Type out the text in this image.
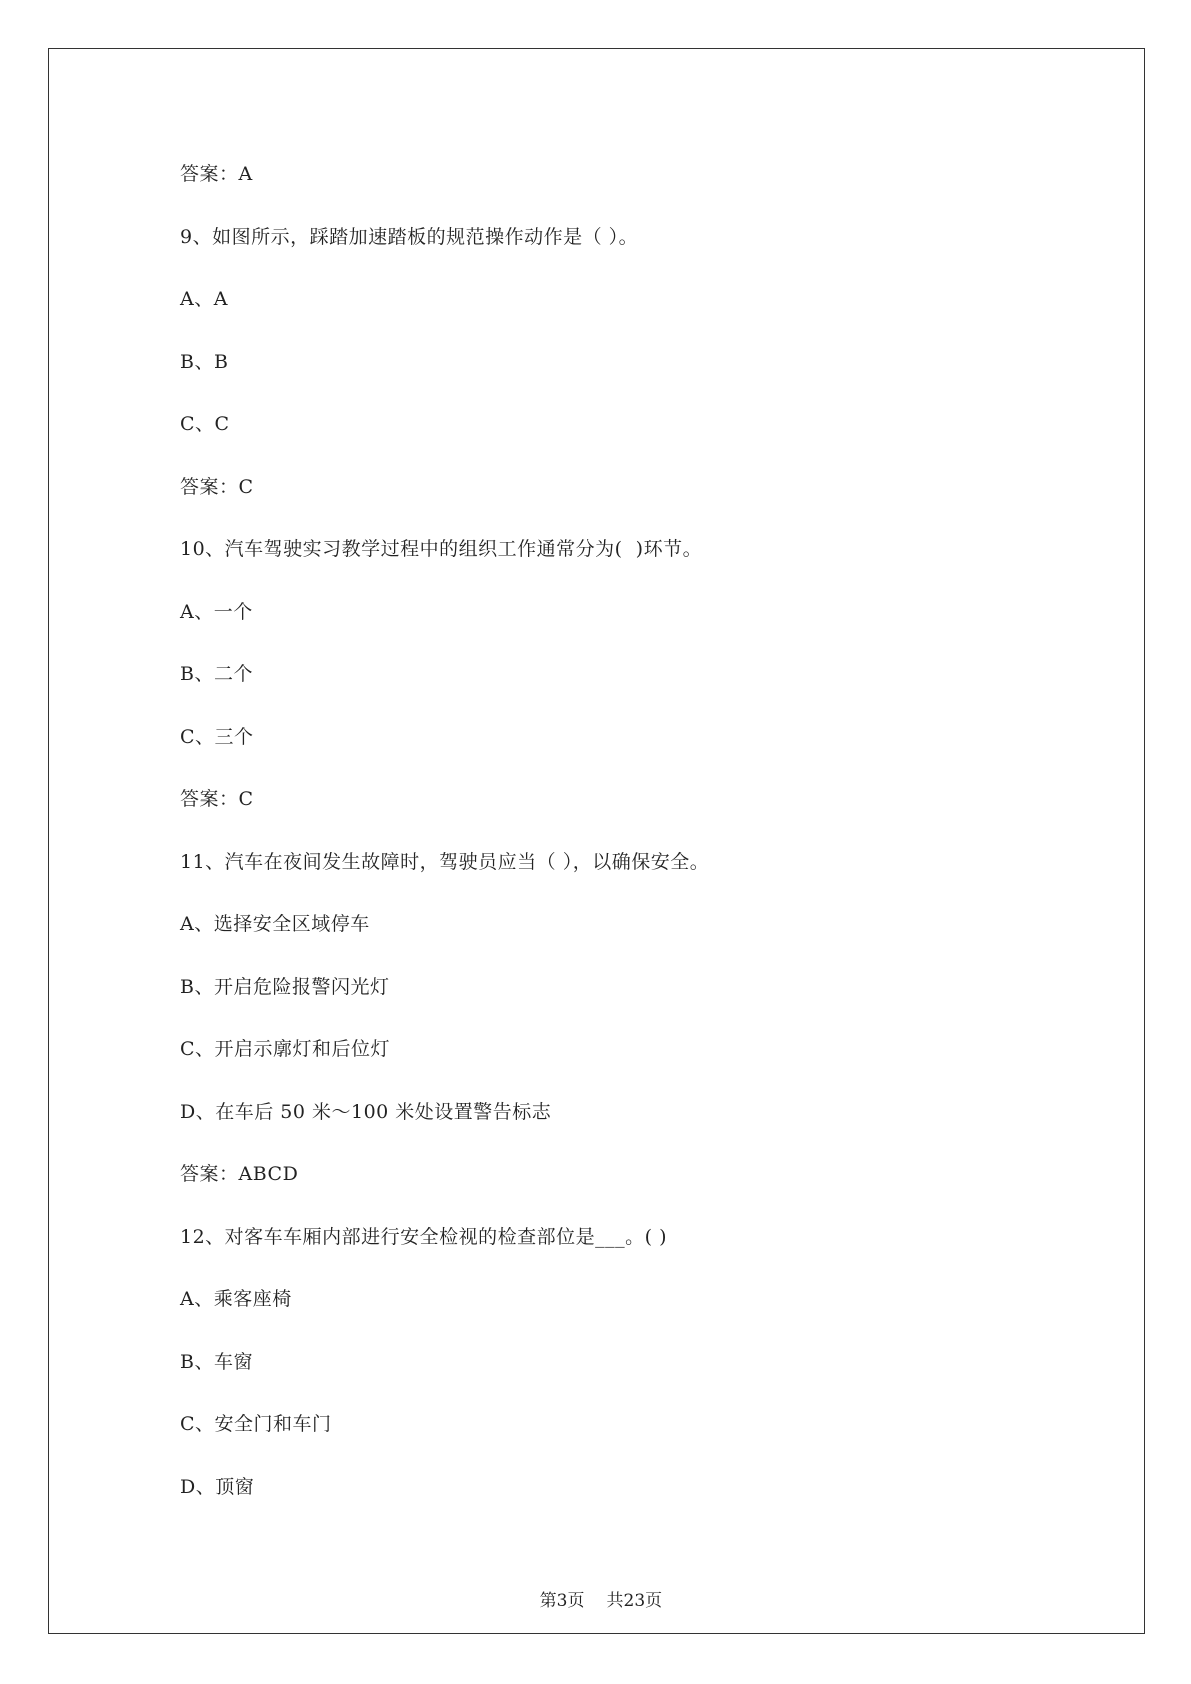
答案：A
9、如图所示，踩踏加速踏板的规范操作动作是（ ）。
A、A
B、B
C、C
答案：C
10、汽车驾驶实习教学过程中的组织工作通常分为(  )环节。
A、一个
B、二个
C、三个
答案：C
11、汽车在夜间发生故障时，驾驶员应当（ ），以确保安全。
A、选择安全区域停车
B、开启危险报警闪光灯
C、开启示廓灯和后位灯
D、在车后 50 米～100 米处设置警告标志
答案：ABCD
12、对客车车厢内部进行安全检视的检查部位是___。( )
A、乘客座椅
B、车窗
C、安全门和车门
D、顶窗

第3页 共23页
